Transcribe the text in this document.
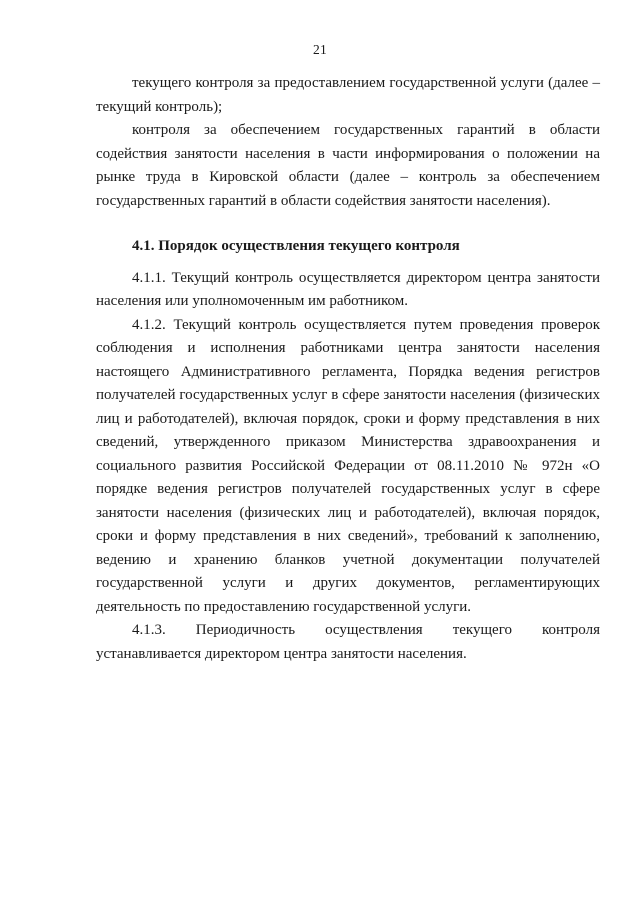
21

текущего контроля за предоставлением государственной услуги (далее – текущий контроль);

контроля за обеспечением государственных гарантий в области содействия занятости населения в части информирования о положении на рынке труда в Кировской области (далее – контроль за обеспечением государственных гарантий в области содействия занятости населения).

4.1. Порядок осуществления текущего контроля

4.1.1. Текущий контроль осуществляется директором центра занятости населения или уполномоченным им работником.

4.1.2. Текущий контроль осуществляется путем проведения проверок соблюдения и исполнения работниками центра занятости населения настоящего Административного регламента, Порядка ведения регистров получателей государственных услуг в сфере занятости населения (физических лиц и работодателей), включая порядок, сроки и форму представления в них сведений, утвержденного приказом Министерства здравоохранения и социального развития Российской Федерации от 08.11.2010 № 972н «О порядке ведения регистров получателей государственных услуг в сфере занятости населения (физических лиц и работодателей), включая порядок, сроки и форму представления в них сведений», требований к заполнению, ведению и хранению бланков учетной документации получателей государственной услуги и других документов, регламентирующих деятельность по предоставлению государственной услуги.

4.1.3. Периодичность осуществления текущего контроля устанавливается директором центра занятости населения.
